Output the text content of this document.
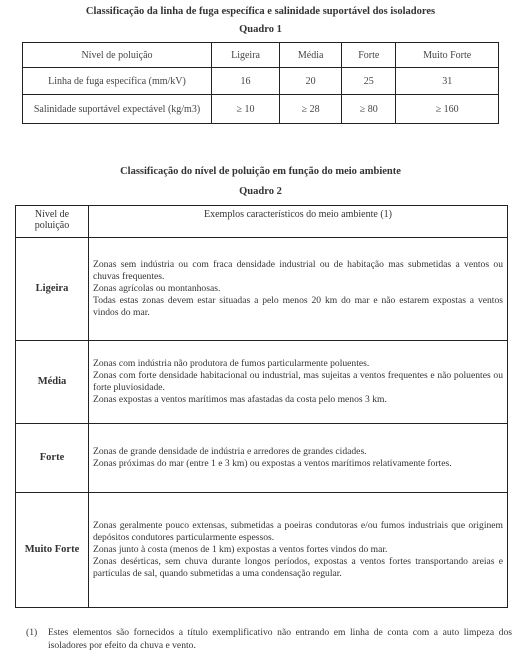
Classificação da linha de fuga específica e salinidade suportável dos isoladores
Quadro 1
Nível de poluição	Ligeira	Média	Forte	Muito Forte
Linha de fuga específica (mm/kV)	16	20	25	31
Salinidade suportável expectável (kg/m3)	≥ 10	≥ 28	≥ 80	≥ 160
Classificação do nível de poluição em função do meio ambiente
Quadro 2
Nível de poluição	Exemplos característicos do meio ambiente (1)
Ligeira	Zonas sem indústria ou com fraca densidade industrial ou de habitação mas submetidas a ventos ou chuvas frequentes.
Zonas agrícolas ou montanhosas.
Todas estas zonas devem estar situadas a pelo menos 20 km do mar e não estarem expostas a ventos vindos do mar.

Média	Zonas com indústria não produtora de fumos particularmente poluentes.
Zonas com forte densidade habitacional ou industrial, mas sujeitas a ventos frequentes e não poluentes ou forte pluviosidade.
Zonas expostas a ventos marítimos mas afastadas da costa pelo menos 3 km.

Forte	Zonas de grande densidade de indústria e arredores de grandes cidades.
Zonas próximas do mar (entre 1 e 3 km) ou expostas a ventos marítimos relativamente fortes.

Muito Forte	Zonas geralmente pouco extensas, submetidas a poeiras condutoras e/ou fumos industriais que originem depósitos condutores particularmente espessos.
Zonas junto à costa (menos de 1 km) expostas a ventos fortes vindos do mar.
Zonas desérticas, sem chuva durante longos períodos, expostas a ventos fortes transportando areias e partículas de sal, quando submetidas a uma condensação regular.
(1)	Estes elementos são fornecidos a título exemplificativo não entrando em linha de conta com a auto limpeza dos isoladores por efeito da chuva e vento.
